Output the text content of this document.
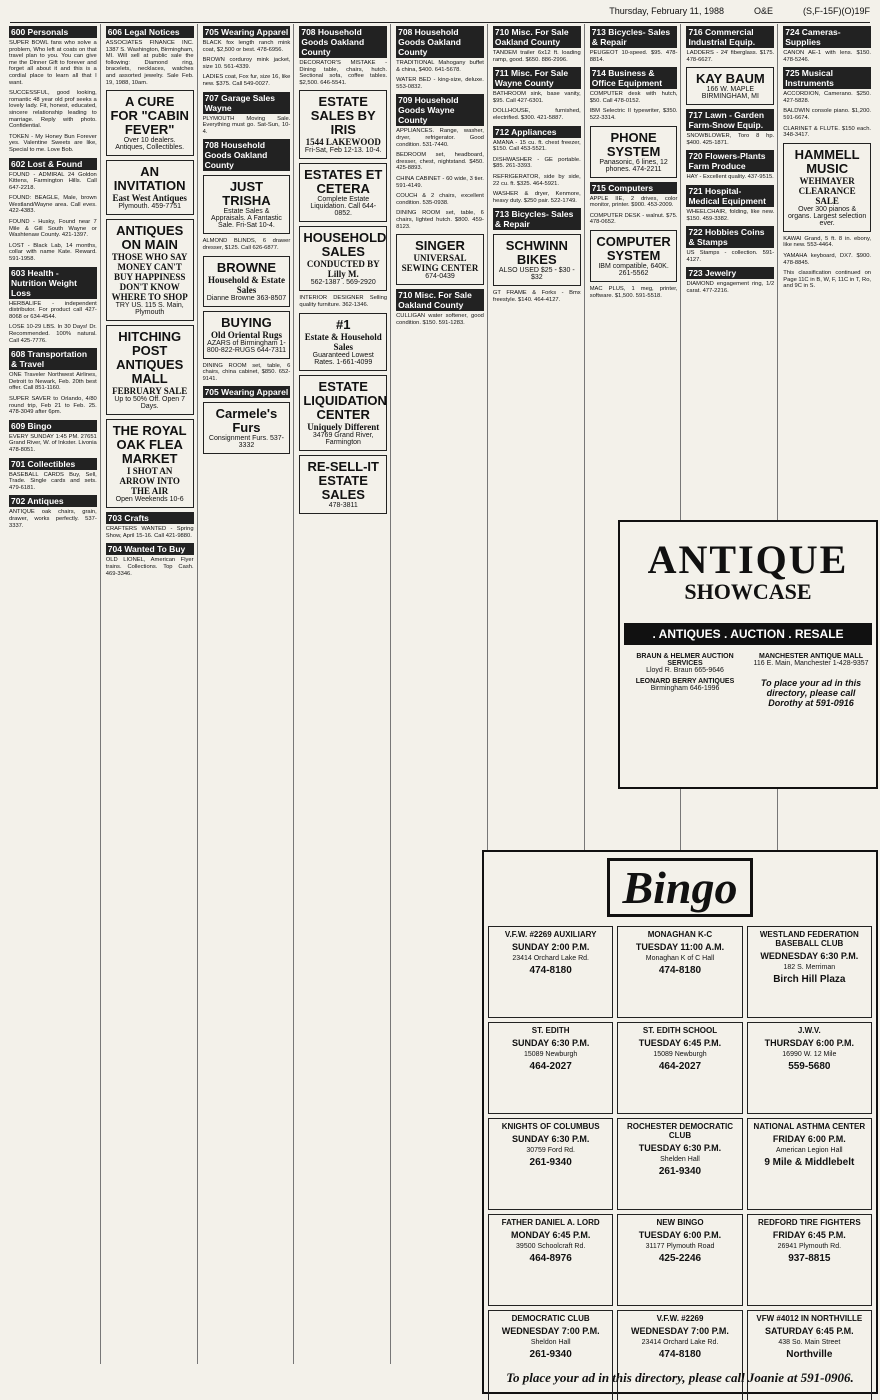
Thursday, February 11, 1988	O&E	(S,F-15F)(O)19F
600 Personals
SUPER BOWL fans who solve a problem, Who left at coats on that travel plan to you. You can give me the Dinner Gift to forever and forget all about it and this is a cordial place to learn all that I want.
SUCCESSFUL, good looking, romantic 48 year old prof seeks a lovely lady. Fit, honest, educated, sincere relationship leading to marriage. Reply with photo. Confidential.
TOKEN - My Honey Bun Forever yes. Valentine Sweets are like, Special to me. Love Bob.
602 Lost & Found
FOUND - ADMIRAL 24 Goldon Kittens, Farmington Hills. Call 647-2218.
FOUND: BEAGLE, Male, brown Westland/Wayne area. Call eves. 422-4383.
FOUND - Husky, Found near 7 Mile & Gill South Wayne or Washtenaw County. 421-1397.
LOST - Black Lab, 14 months, collar with name Kate. Reward. 591-1958.
603 Health - Nutrition Weight Loss
HERBALIFE - independent distributor. For product call 427-8068 or 634-4544.
LOSE 10-29 LBS. In 30 Days! Dr. Recommended. 100% natural. Call 425-7776.
608 Transportation & Travel
ONE Traveler Northwest Airlines, Detroit to Newark, Feb. 20th best offer. Call 851-1160.
SUPER SAVER to Orlando, 4/80 round trip, Feb 21 to Feb. 25. 478-3049 after 6pm.
609 Bingo
EVERY SUNDAY 1:45 PM. 27651 Grand River, W. of Inkster. Livonia 478-8051.
701 Collectibles
BASEBALL CARDS Buy, Sell, Trade. Single cards and sets. 479-6181.
702 Antiques
ANTIQUE oak chairs, grain, drawer, works perfectly. 537-3337.
606 Legal Notices
ASSOCIATES FINANCE INC. 1387 S. Washington, Birmingham, MI. Will sell at public sale the following: Diamond ring, bracelets, necklaces, watches and assorted jewelry. Sale Feb. 19, 1988, 10am.
A CURE FOR "CABIN FEVER"
Over 10 dealers. Antiques, Collectibles.
AN INVITATION
East West Antiques
Plymouth. 459-7751
ANTIQUES ON MAIN
THOSE WHO SAY MONEY CAN'T BUY HAPPINESS DON'T KNOW WHERE TO SHOP
TRY US. 115 S. Main, Plymouth
HITCHING POST ANTIQUES MALL
FEBRUARY SALE
Up to 50% Off. Open 7 Days.
THE ROYAL OAK FLEA MARKET
I SHOT AN ARROW INTO THE AIR
Open Weekends 10-6
703 Crafts
CRAFTERS WANTED - Spring Show, April 15-16. Call 421-9880.
704 Wanted To Buy
OLD LIONEL, American Flyer trains. Collections. Top Cash. 469-3346.
705 Wearing Apparel
BLACK fox length ranch mink coat, $2,500 or best. 478-6956.
BROWN corduroy mink jacket, size 10. 561-4339.
LADIES coat, Fox fur, size 16, like new. $375. Call 549-0027.
707 Garage Sales Wayne
PLYMOUTH Moving Sale. Everything must go. Sat-Sun, 10-4.
708 Household Goods Oakland County
JUST TRISHA
Estate Sales & Appraisals. A Fantastic Sale. Fri-Sat 10-4.
ALMOND BLINDS, 6 drawer dresser, $125. Call 626-6877.
BROWNE
Household & Estate Sales
Dianne Browne 363-8507
BUYING
Old Oriental Rugs
AZARS of Birmingham 1-800-822-RUGS 644-7311
DINING ROOM set, table, 6 chairs, china cabinet, $850. 652-9141.
705 Wearing Apparel
Carmele's Furs
Consignment Furs. 537-3332
708 Household Goods Oakland County
DECORATOR'S MISTAKE - Dining table, chairs, hutch. Sectional sofa, coffee tables. $2,500. 646-5541.
ESTATE SALES BY IRIS
1544 LAKEWOOD
Fri-Sat, Feb 12-13. 10-4.
ESTATES ET CETERA
Complete Estate Liquidation. Call 644-0852.
HOUSEHOLD SALES
CONDUCTED BY Lilly M.
562-1387 . 569-2920
INTERIOR DESIGNER Selling quality furniture. 362-1346.
#1
Estate & Household Sales
Guaranteed Lowest Rates. 1-661-4099
ESTATE LIQUIDATION CENTER
Uniquely Different
34769 Grand River, Farmington
RE-SELL-IT ESTATE SALES
478-3811
708 Household Goods Oakland County
TRADITIONAL Mahogany buffet & china, $400. 641-5678.
WATER BED - king-size, deluxe. 553-0832.
709 Household Goods Wayne County
APPLIANCES. Range, washer, dryer, refrigerator. Good condition. 531-7440.
BEDROOM set, headboard, dresser, chest, nightstand. $450. 425-8893.
CHINA CABINET - 60 wide, 3 tier. 591-4149.
COUCH & 2 chairs, excellent condition. 535-0938.
DINING ROOM set, table, 6 chairs, lighted hutch. $800. 459-8123.
SINGER
UNIVERSAL SEWING CENTER
674-0439
710 Misc. For Sale Oakland County
CULLIGAN water softener, good condition. $150. 591-1283.
710 Misc. For Sale Oakland County
TANDEM trailer 6x12 ft. loading ramp, good. $650. 886-2996.
711 Misc. For Sale Wayne County
BATHROOM sink, base vanity, $95. Call 427-6301.
DOLLHOUSE, furnished, electrified. $300. 421-5887.
712 Appliances
AMANA - 15 cu. ft. chest freezer, $150. Call 453-5521.
DISHWASHER - GE portable. $85. 261-3393.
REFRIGERATOR, side by side, 22 cu. ft. $325. 464-5921.
WASHER & dryer, Kenmore, heavy duty. $250 pair. 522-1749.
713 Bicycles- Sales & Repair
SCHWINN BIKES
ALSO USED $25 - $30 - $32
GT FRAME & Forks - Bmx freestyle. $140. 464-4127.
713 Bicycles- Sales & Repair
PEUGEOT 10-speed. $95. 478-8814.
714 Business & Office Equipment
COMPUTER desk with hutch, $50. Call 478-0152.
IBM Selectric II typewriter, $350. 522-3314.
PHONE SYSTEM
Panasonic, 6 lines, 12 phones. 474-2211
715 Computers
APPLE IIE, 2 drives, color monitor, printer. $900. 453-2009.
COMPUTER DESK - walnut. $75. 478-0652.
COMPUTER SYSTEM
IBM compatible, 640K. 261-5562
MAC PLUS, 1 meg, printer, software. $1,500. 591-5518.
716 Commercial Industrial Equip.
LADDERS - 24' fiberglass. $175. 478-6627.
KAY BAUM
166 W. MAPLE BIRMINGHAM, MI
717 Lawn - Garden Farm-Snow Equip.
SNOWBLOWER, Toro 8 hp. $400. 425-1871.
720 Flowers-Plants Farm Produce
HAY - Excellent quality. 437-9515.
721 Hospital-Medical Equipment
WHEELCHAIR, folding, like new. $150. 459-3382.
722 Hobbies Coins & Stamps
US Stamps - collection. 591-4127.
723 Jewelry
DIAMOND engagement ring, 1/2 carat. 477-2216.
724 Cameras-Supplies
CANON AE-1 with lens. $150. 478-5246.
725 Musical Instruments
ACCORDION, Camerano. $250. 427-5828.
BALDWIN console piano. $1,200. 591-6674.
CLARINET & FLUTE. $150 each. 348-3417.
HAMMELL MUSIC
WEHMAYER CLEARANCE SALE
Over 300 pianos & organs. Largest selection ever.
KAWAI Grand, 5 ft. 8 in. ebony, like new. 553-4464.
YAMAHA keyboard, DX7. $900. 478-8845.
This classification continued on Page 11C in B, W, F, 11C in T, Ro, and 9C in S.
ANTIQUE
SHOWCASE
. ANTIQUES . AUCTION . RESALE
BRAUN & HELMER AUCTION SERVICES
Lloyd R. Braun 665-9646
MANCHESTER ANTIQUE MALL
116 E. Main, Manchester 1-428-9357
LEONARD BERRY ANTIQUES
Birmingham 646-1996
To place your ad in this directory, please call Dorothy at 591-0916
Bingo
V.F.W. #2269 AUXILIARY
SUNDAY 2:00 P.M.
23414 Orchard Lake Rd.
474-8180
MONAGHAN K-C
TUESDAY 11:00 A.M.
Monaghan K of C Hall
474-8180
WESTLAND FEDERATION BASEBALL CLUB
WEDNESDAY 6:30 P.M.
182 S. Merriman
Birch Hill Plaza
ST. EDITH
SUNDAY 6:30 P.M.
15089 Newburgh
464-2027
ST. EDITH SCHOOL
TUESDAY 6:45 P.M.
15089 Newburgh
464-2027
J.W.V.
THURSDAY 6:00 P.M.
16990 W. 12 Mile
559-5680
KNIGHTS OF COLUMBUS
SUNDAY 6:30 P.M.
30759 Ford Rd.
261-9340
ROCHESTER DEMOCRATIC CLUB
TUESDAY 6:30 P.M.
Shelden Hall
261-9340
NATIONAL ASTHMA CENTER
FRIDAY 6:00 P.M.
American Legion Hall
9 Mile & Middlebelt
FATHER DANIEL A. LORD
MONDAY 6:45 P.M.
39500 Schoolcraft Rd.
464-8976
NEW BINGO
TUESDAY 6:00 P.M.
31177 Plymouth Road
425-2246
REDFORD TIRE FIGHTERS
FRIDAY 6:45 P.M.
26941 Plymouth Rd.
937-8815
DEMOCRATIC CLUB
WEDNESDAY 7:00 P.M.
Sheldon Hall
261-9340
V.F.W. #2269
WEDNESDAY 7:00 P.M.
23414 Orchard Lake Rd.
474-8180
VFW #4012 IN NORTHVILLE
SATURDAY 6:45 P.M.
438 So. Main Street
Northville
To place your ad in this directory, please call Joanie at 591-0906.
